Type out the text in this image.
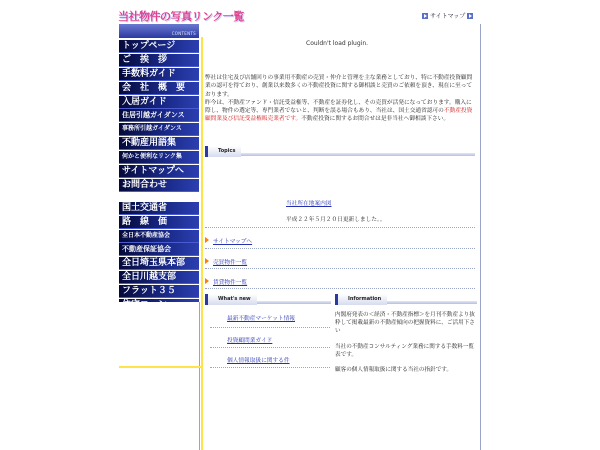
当社物件の写真リンク一覧	サイトマップ
CONTENTS
トップページ
ご　挨　拶
手数料ガイド
会　社　概　要
入居ガイド
住居引越ガイダンス
事務所引越ガイダンス
不動産用語集
何かと便利なリンク集
サイトマップへ
お問合わせ
国土交通省
路　線　価
全日本不動産協会
不動産保証協会
全日埼玉県本部
全日川越支部
フラット３５
Couldn't load plugin.
弊社は住宅及び店舗回りの事業用不動産の売買・仲介と管理を主な業務としており、特に不動産投資顧問業の認可を得ており、創業以来数多くの不動産投資に関する御相談と売買のご依頼を頂き、現在に至っております。
昨今は、不動産ファンド・信託受益権等、不動産を証券化し、その売買が活発になっております。購入に際し、物件の選定等、専門業者でないと、判断を誤る場合もあり、当社は、国土交通省認可の不動産投資顧問業及び信託受益権販売業者です。不動産投資に関するお問合せは是非当社へ御相談下さい。
Topics
当社所在地案内図
平成２２年５月２０日更新しました。。
サイトマップへ
売買物件一覧
賃貸物件一覧
What's new
最新不動産マーケット情報
投資顧問業ガイド
個人情報取扱に関する件
Information

内閣府発表の＜経済・不動産指標＞を月刊不動産より抜粋して掲載最新の不動産傾向の把握資料に、ご活用下さい

当社の不動産コンサルティング業務に関する手数料一覧表です。

顧客の個人情報取扱に関する当社の指針です。
